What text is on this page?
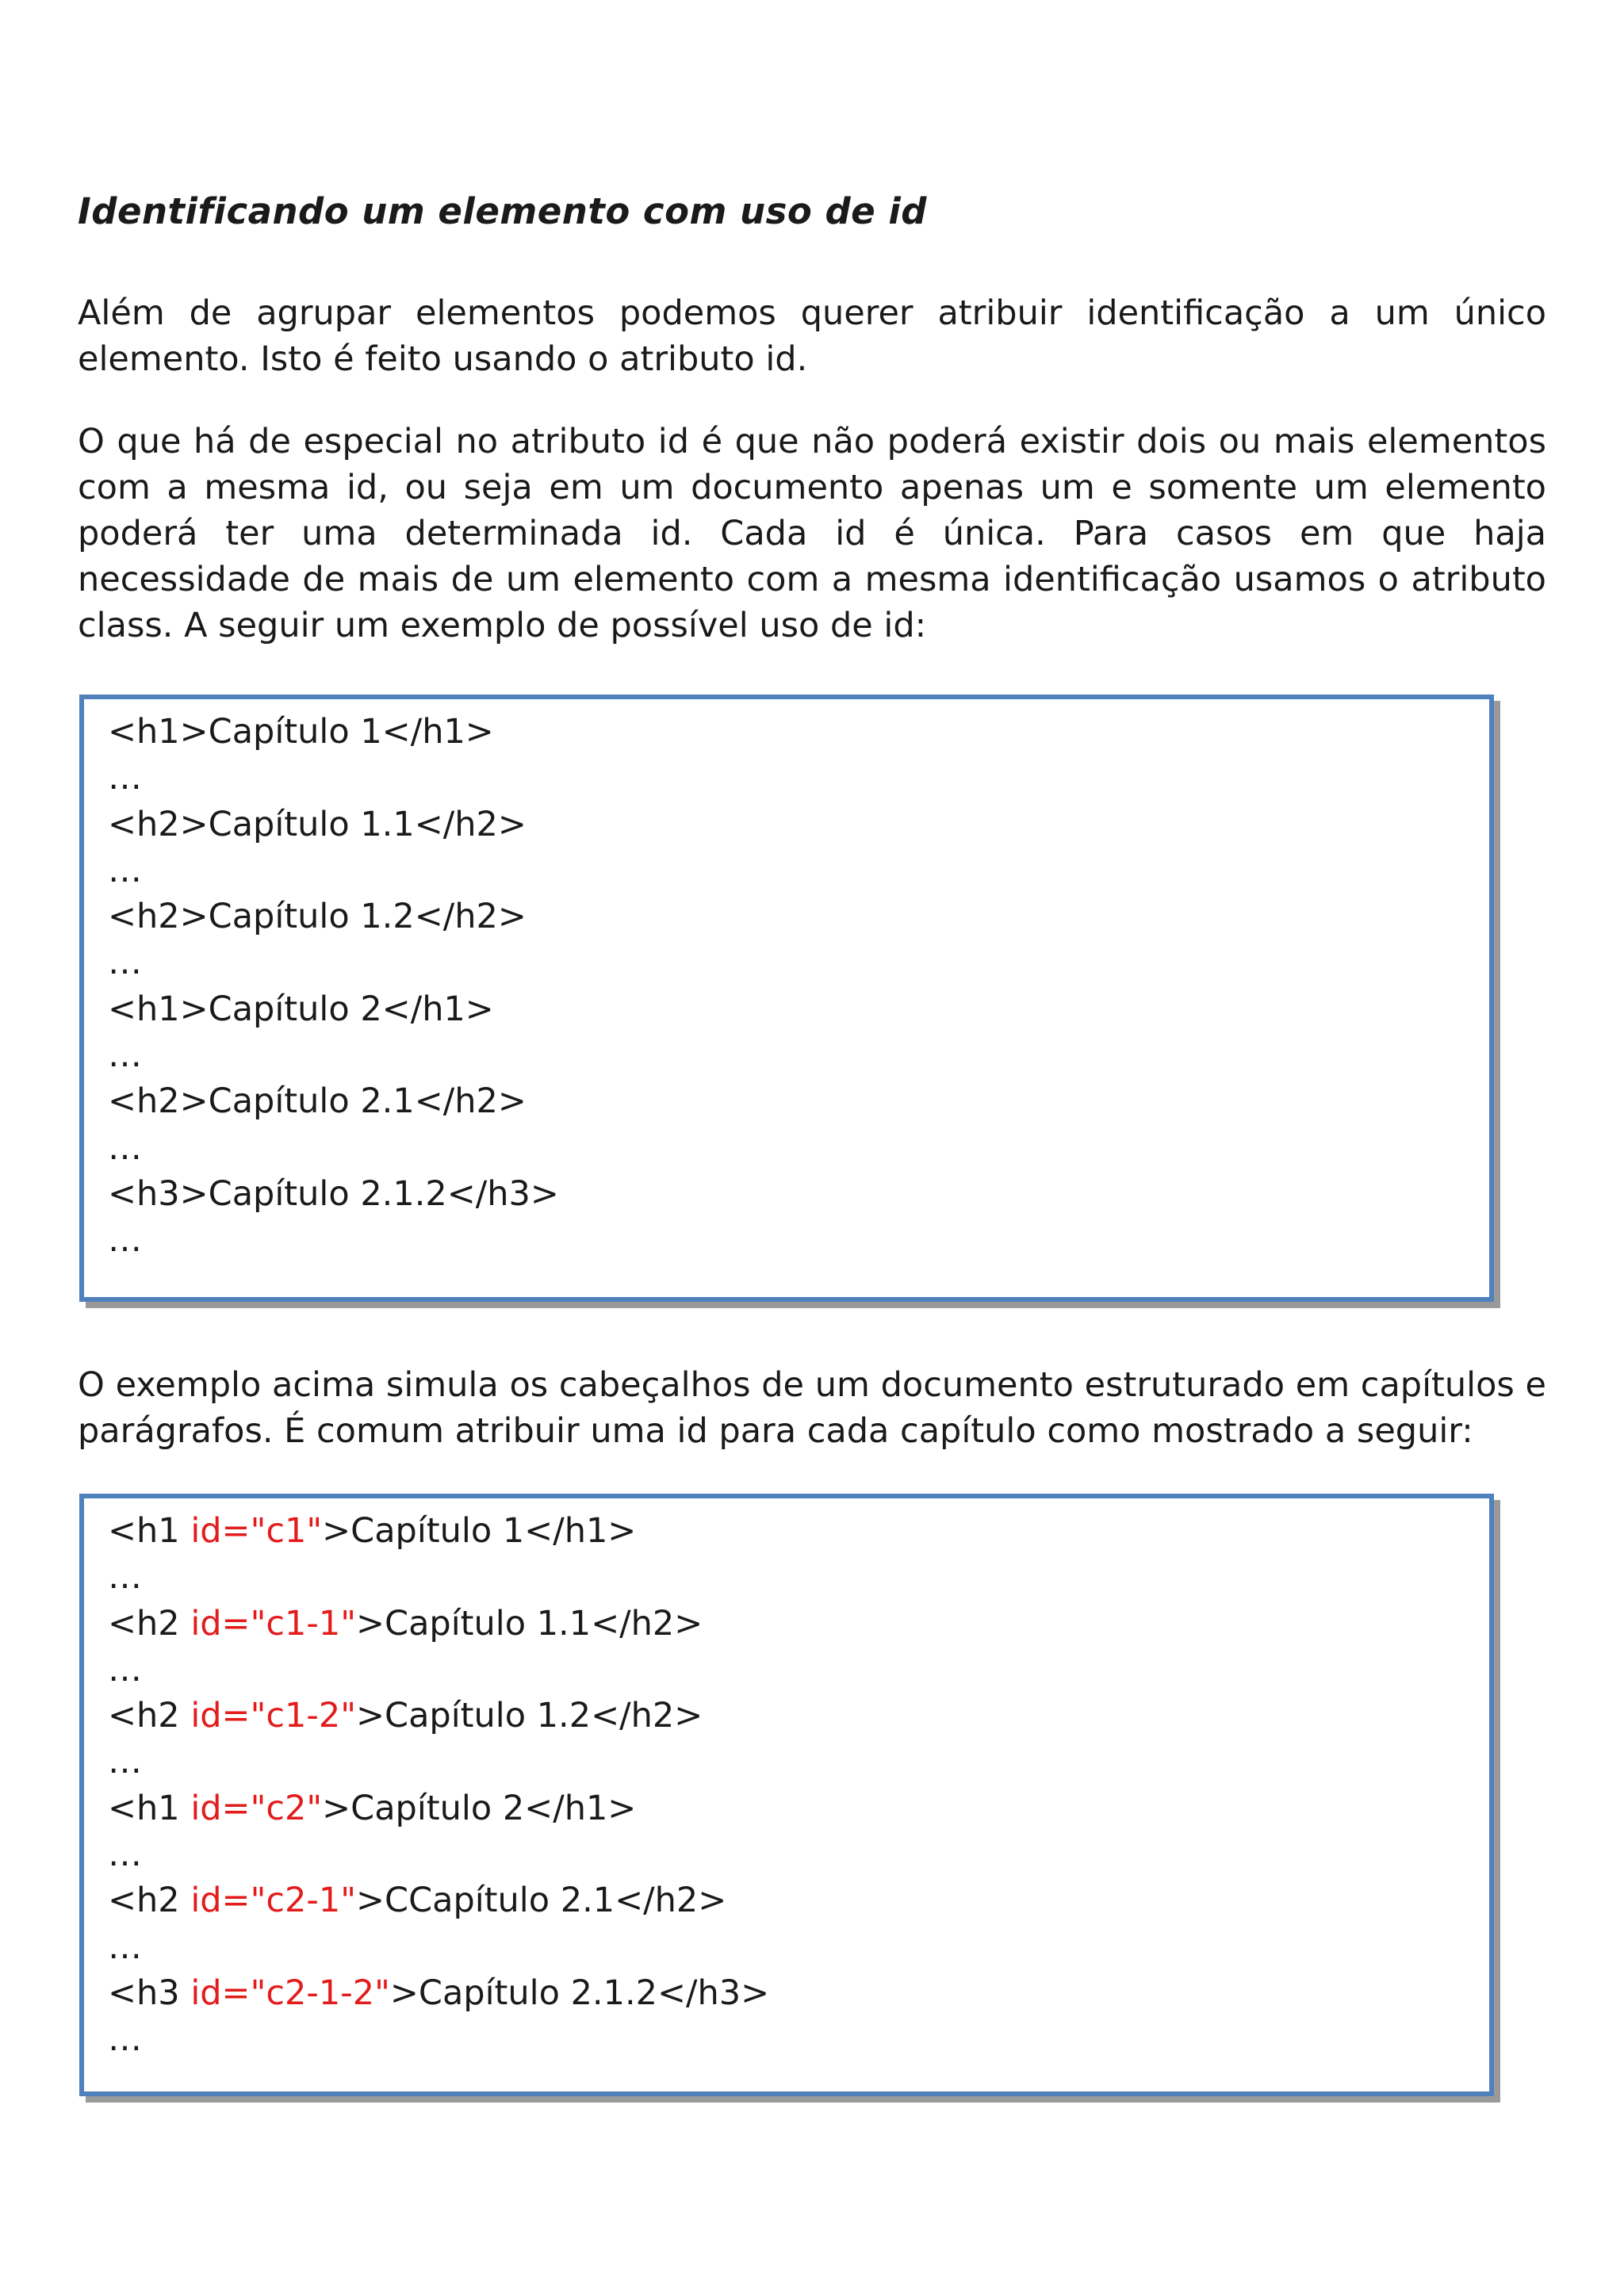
Identificando um elemento com uso de id

Além de agrupar elementos podemos querer atribuir identificação a um único elemento. Isto é feito usando o atributo id.

O que há de especial no atributo id é que não poderá existir dois ou mais elementos com a mesma id, ou seja em um documento apenas um e somente um elemento poderá ter uma determinada id. Cada id é única. Para casos em que haja necessidade de mais de um elemento com a mesma identificação usamos o atributo class. A seguir um exemplo de possível uso de id:

<h1>Capítulo 1</h1>
…
<h2>Capítulo 1.1</h2>
…
<h2>Capítulo 1.2</h2>
…
<h1>Capítulo 2</h1>
…
<h2>Capítulo 2.1</h2>
…
<h3>Capítulo 2.1.2</h3>
…

O exemplo acima simula os cabeçalhos de um documento estruturado em capítulos e parágrafos. É comum atribuir uma id para cada capítulo como mostrado a seguir:

<h1 id="c1">Capítulo 1</h1>
…
<h2 id="c1-1">Capítulo 1.1</h2>
…
<h2 id="c1-2">Capítulo 1.2</h2>
…
<h1 id="c2">Capítulo 2</h1>
…
<h2 id="c2-1">CCapítulo 2.1</h2>
…
<h3 id="c2-1-2">Capítulo 2.1.2</h3>
…
